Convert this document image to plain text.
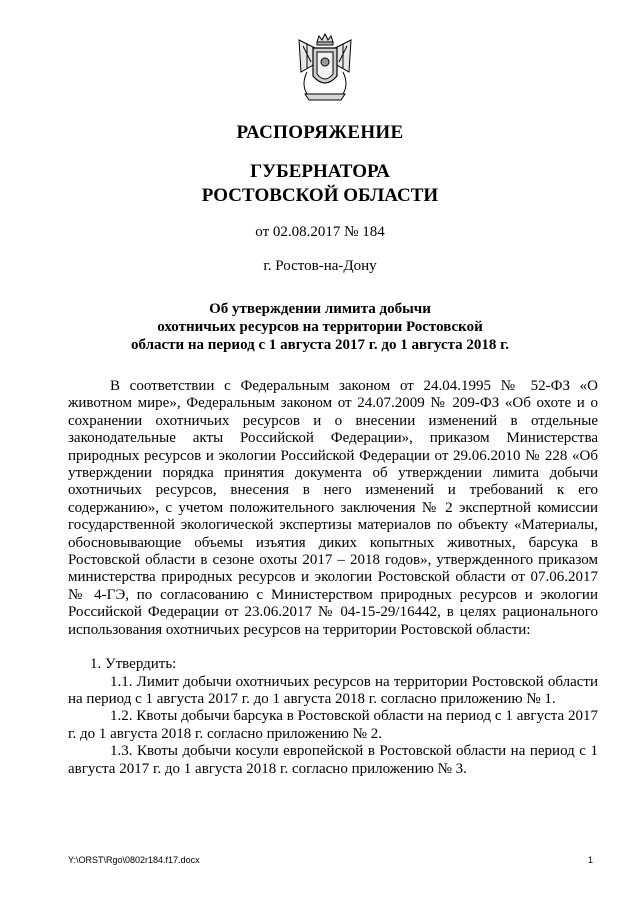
РАСПОРЯЖЕНИЕ
ГУБЕРНАТОРА
РОСТОВСКОЙ ОБЛАСТИ
от 02.08.2017 № 184
г. Ростов-на-Дону
Об утверждении лимита добычи
охотничьих ресурсов на территории Ростовской
области на период с 1 августа 2017 г. до 1 августа 2018 г.

В соответствии с Федеральным законом от 24.04.1995 № 52-ФЗ «О животном мире», Федеральным законом от 24.07.2009 № 209-ФЗ «Об охоте и о сохранении охотничьих ресурсов и о внесении изменений в отдельные законодательные акты Российской Федерации», приказом Министерства природных ресурсов и экологии Российской Федерации от 29.06.2010 № 228 «Об утверждении порядка принятия документа об утверждении лимита добычи охотничьих ресурсов, внесения в него изменений и требований к его содержанию», с учетом положительного заключения № 2 экспертной комиссии государственной экологической экспертизы материалов по объекту «Материалы, обосновывающие объемы изъятия диких копытных животных, барсука в Ростовской области в сезоне охоты 2017 – 2018 годов», утвержденного приказом министерства природных ресурсов и экологии Ростовской области от 07.06.2017 № 4-ГЭ, по согласованию с Министерством природных ресурсов и экологии Российской Федерации от 23.06.2017 № 04-15-29/16442, в целях рационального использования охотничьих ресурсов на территории Ростовской области:

1. Утвердить:

1.1. Лимит добычи охотничьих ресурсов на территории Ростовской области на период с 1 августа 2017 г. до 1 августа 2018 г. согласно приложению № 1.

1.2. Квоты добычи барсука в Ростовской области на период с 1 августа 2017 г. до 1 августа 2018 г. согласно приложению № 2.

1.3. Квоты добычи косули европейской в Ростовской области на период с 1 августа 2017 г. до 1 августа 2018 г. согласно приложению № 3.

Y:\ORST\Rgo\0802r184.f17.docx	1
